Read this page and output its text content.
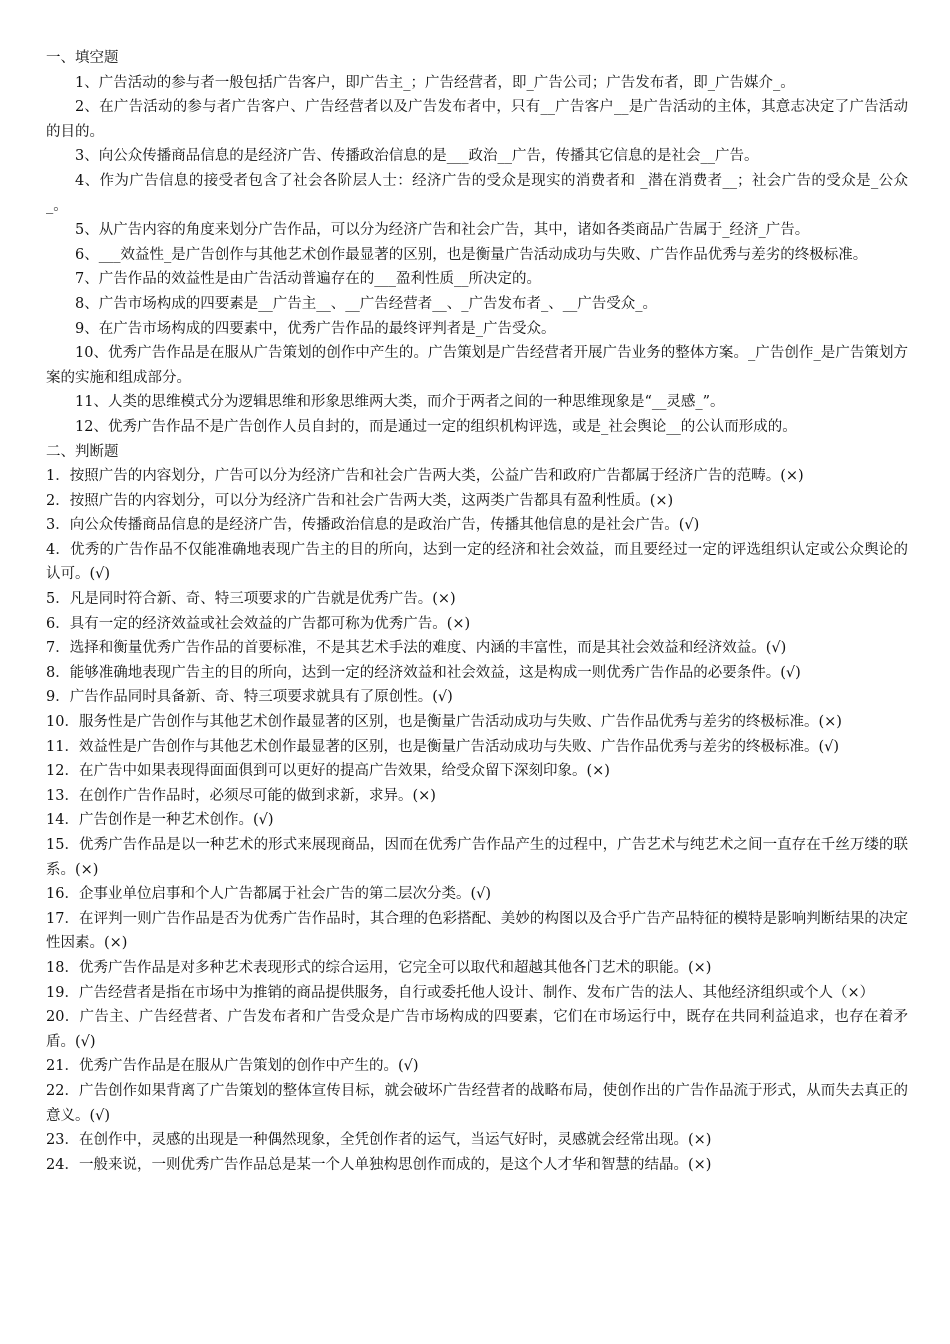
一、填空题

1、广告活动的参与者一般包括广告客户，即广告主_；广告经营者，即_广告公司；广告发布者，即_广告媒介_。

2、在广告活动的参与者广告客户、广告经营者以及广告发布者中，只有__广告客户__是广告活动的主体，其意志决定了广告活动的目的。

3、向公众传播商品信息的是经济广告、传播政治信息的是___政治__广告，传播其它信息的是社会__广告。

4、作为广告信息的接受者包含了社会各阶层人士：经济广告的受众是现实的消费者和 _潜在消费者__；社会广告的受众是_公众_。

5、从广告内容的角度来划分广告作品，可以分为经济广告和社会广告，其中，诸如各类商品广告属于_经济_广告。

6、___效益性_是广告创作与其他艺术创作最显著的区别，也是衡量广告活动成功与失败、广告作品优秀与差劣的终极标准。

7、广告作品的效益性是由广告活动普遍存在的___盈利性质__所决定的。

8、广告市场构成的四要素是__广告主__、__广告经营者__、_广告发布者_、__广告受众_。

9、在广告市场构成的四要素中，优秀广告作品的最终评判者是_广告受众。

10、优秀广告作品是在服从广告策划的创作中产生的。广告策划是广告经营者开展广告业务的整体方案。_广告创作_是广告策划方案的实施和组成部分。

11、人类的思维模式分为逻辑思维和形象思维两大类，而介于两者之间的一种思维现象是“__灵感_”。

12、优秀广告作品不是广告创作人员自封的，而是通过一定的组织机构评选，或是_社会舆论__的公认而形成的。

二、判断题

1．按照广告的内容划分，广告可以分为经济广告和社会广告两大类，公益广告和政府广告都属于经济广告的范畴。(×)

2．按照广告的内容划分，可以分为经济广告和社会广告两大类，这两类广告都具有盈利性质。(×)

3．向公众传播商品信息的是经济广告，传播政治信息的是政治广告，传播其他信息的是社会广告。(√)

4．优秀的广告作品不仅能准确地表现广告主的目的所向，达到一定的经济和社会效益，而且要经过一定的评选组织认定或公众舆论的认可。(√)

5．凡是同时符合新、奇、特三项要求的广告就是优秀广告。(×)

6．具有一定的经济效益或社会效益的广告都可称为优秀广告。(×)

7．选择和衡量优秀广告作品的首要标准，不是其艺术手法的难度、内涵的丰富性，而是其社会效益和经济效益。(√)

8．能够准确地表现广告主的目的所向，达到一定的经济效益和社会效益，这是构成一则优秀广告作品的必要条件。(√)

9．广告作品同时具备新、奇、特三项要求就具有了原创性。(√)

10．服务性是广告创作与其他艺术创作最显著的区别，也是衡量广告活动成功与失败、广告作品优秀与差劣的终极标准。(×)

11．效益性是广告创作与其他艺术创作最显著的区别，也是衡量广告活动成功与失败、广告作品优秀与差劣的终极标准。(√)

12．在广告中如果表现得面面俱到可以更好的提高广告效果，给受众留下深刻印象。(×)

13．在创作广告作品时，必须尽可能的做到求新，求异。(×)

14．广告创作是一种艺术创作。(√)

15．优秀广告作品是以一种艺术的形式来展现商品，因而在优秀广告作品产生的过程中，广告艺术与纯艺术之间一直存在千丝万缕的联系。(×)

16．企事业单位启事和个人广告都属于社会广告的第二层次分类。(√)

17．在评判一则广告作品是否为优秀广告作品时，其合理的色彩搭配、美妙的构图以及合乎广告产品特征的模特是影响判断结果的决定性因素。(×)

18．优秀广告作品是对多种艺术表现形式的综合运用，它完全可以取代和超越其他各门艺术的职能。(×)

19．广告经营者是指在市场中为推销的商品提供服务，自行或委托他人设计、制作、发布广告的法人、其他经济组织或个人（×）

20．广告主、广告经营者、广告发布者和广告受众是广告市场构成的四要素，它们在市场运行中，既存在共同利益追求，也存在着矛盾。(√)

21．优秀广告作品是在服从广告策划的创作中产生的。(√)

22．广告创作如果背离了广告策划的整体宣传目标，就会破坏广告经营者的战略布局，使创作出的广告作品流于形式，从而失去真正的意义。(√)

23．在创作中，灵感的出现是一种偶然现象，全凭创作者的运气，当运气好时，灵感就会经常出现。(×)

24．一般来说，一则优秀广告作品总是某一个人单独构思创作而成的，是这个人才华和智慧的结晶。(×)
